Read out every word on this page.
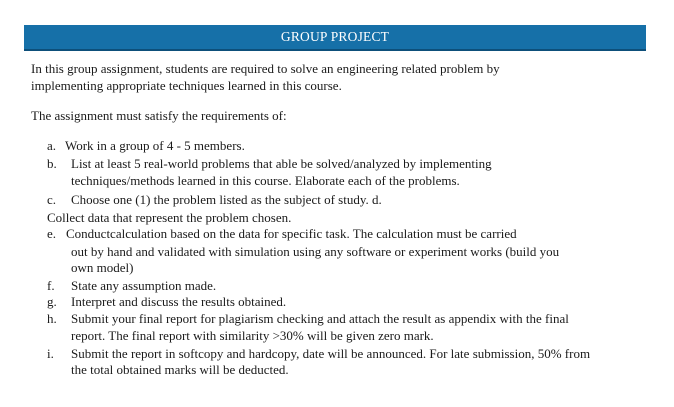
GROUP PROJECT
In this group assignment, students are required to solve an engineering related problem by
implementing appropriate techniques learned in this course.
The assignment must satisfy the requirements of:
a. Work in a group of 4 - 5 members.
b. List at least 5 real-world problems that able be solved/analyzed by implementing
techniques/methods learned in this course. Elaborate each of the problems.
c. Choose one (1) the problem listed as the subject of study. d.
Collect data that represent the problem chosen.
e. Conductcalculation based on the data for specific task. The calculation must be carried
out by hand and validated with simulation using any software or experiment works (build you
own model)
f. State any assumption made.
g. Interpret and discuss the results obtained.
h. Submit your final report for plagiarism checking and attach the result as appendix with the final
report. The final report with similarity >30% will be given zero mark.
i. Submit the report in softcopy and hardcopy, date will be announced. For late submission, 50% from
the total obtained marks will be deducted.
